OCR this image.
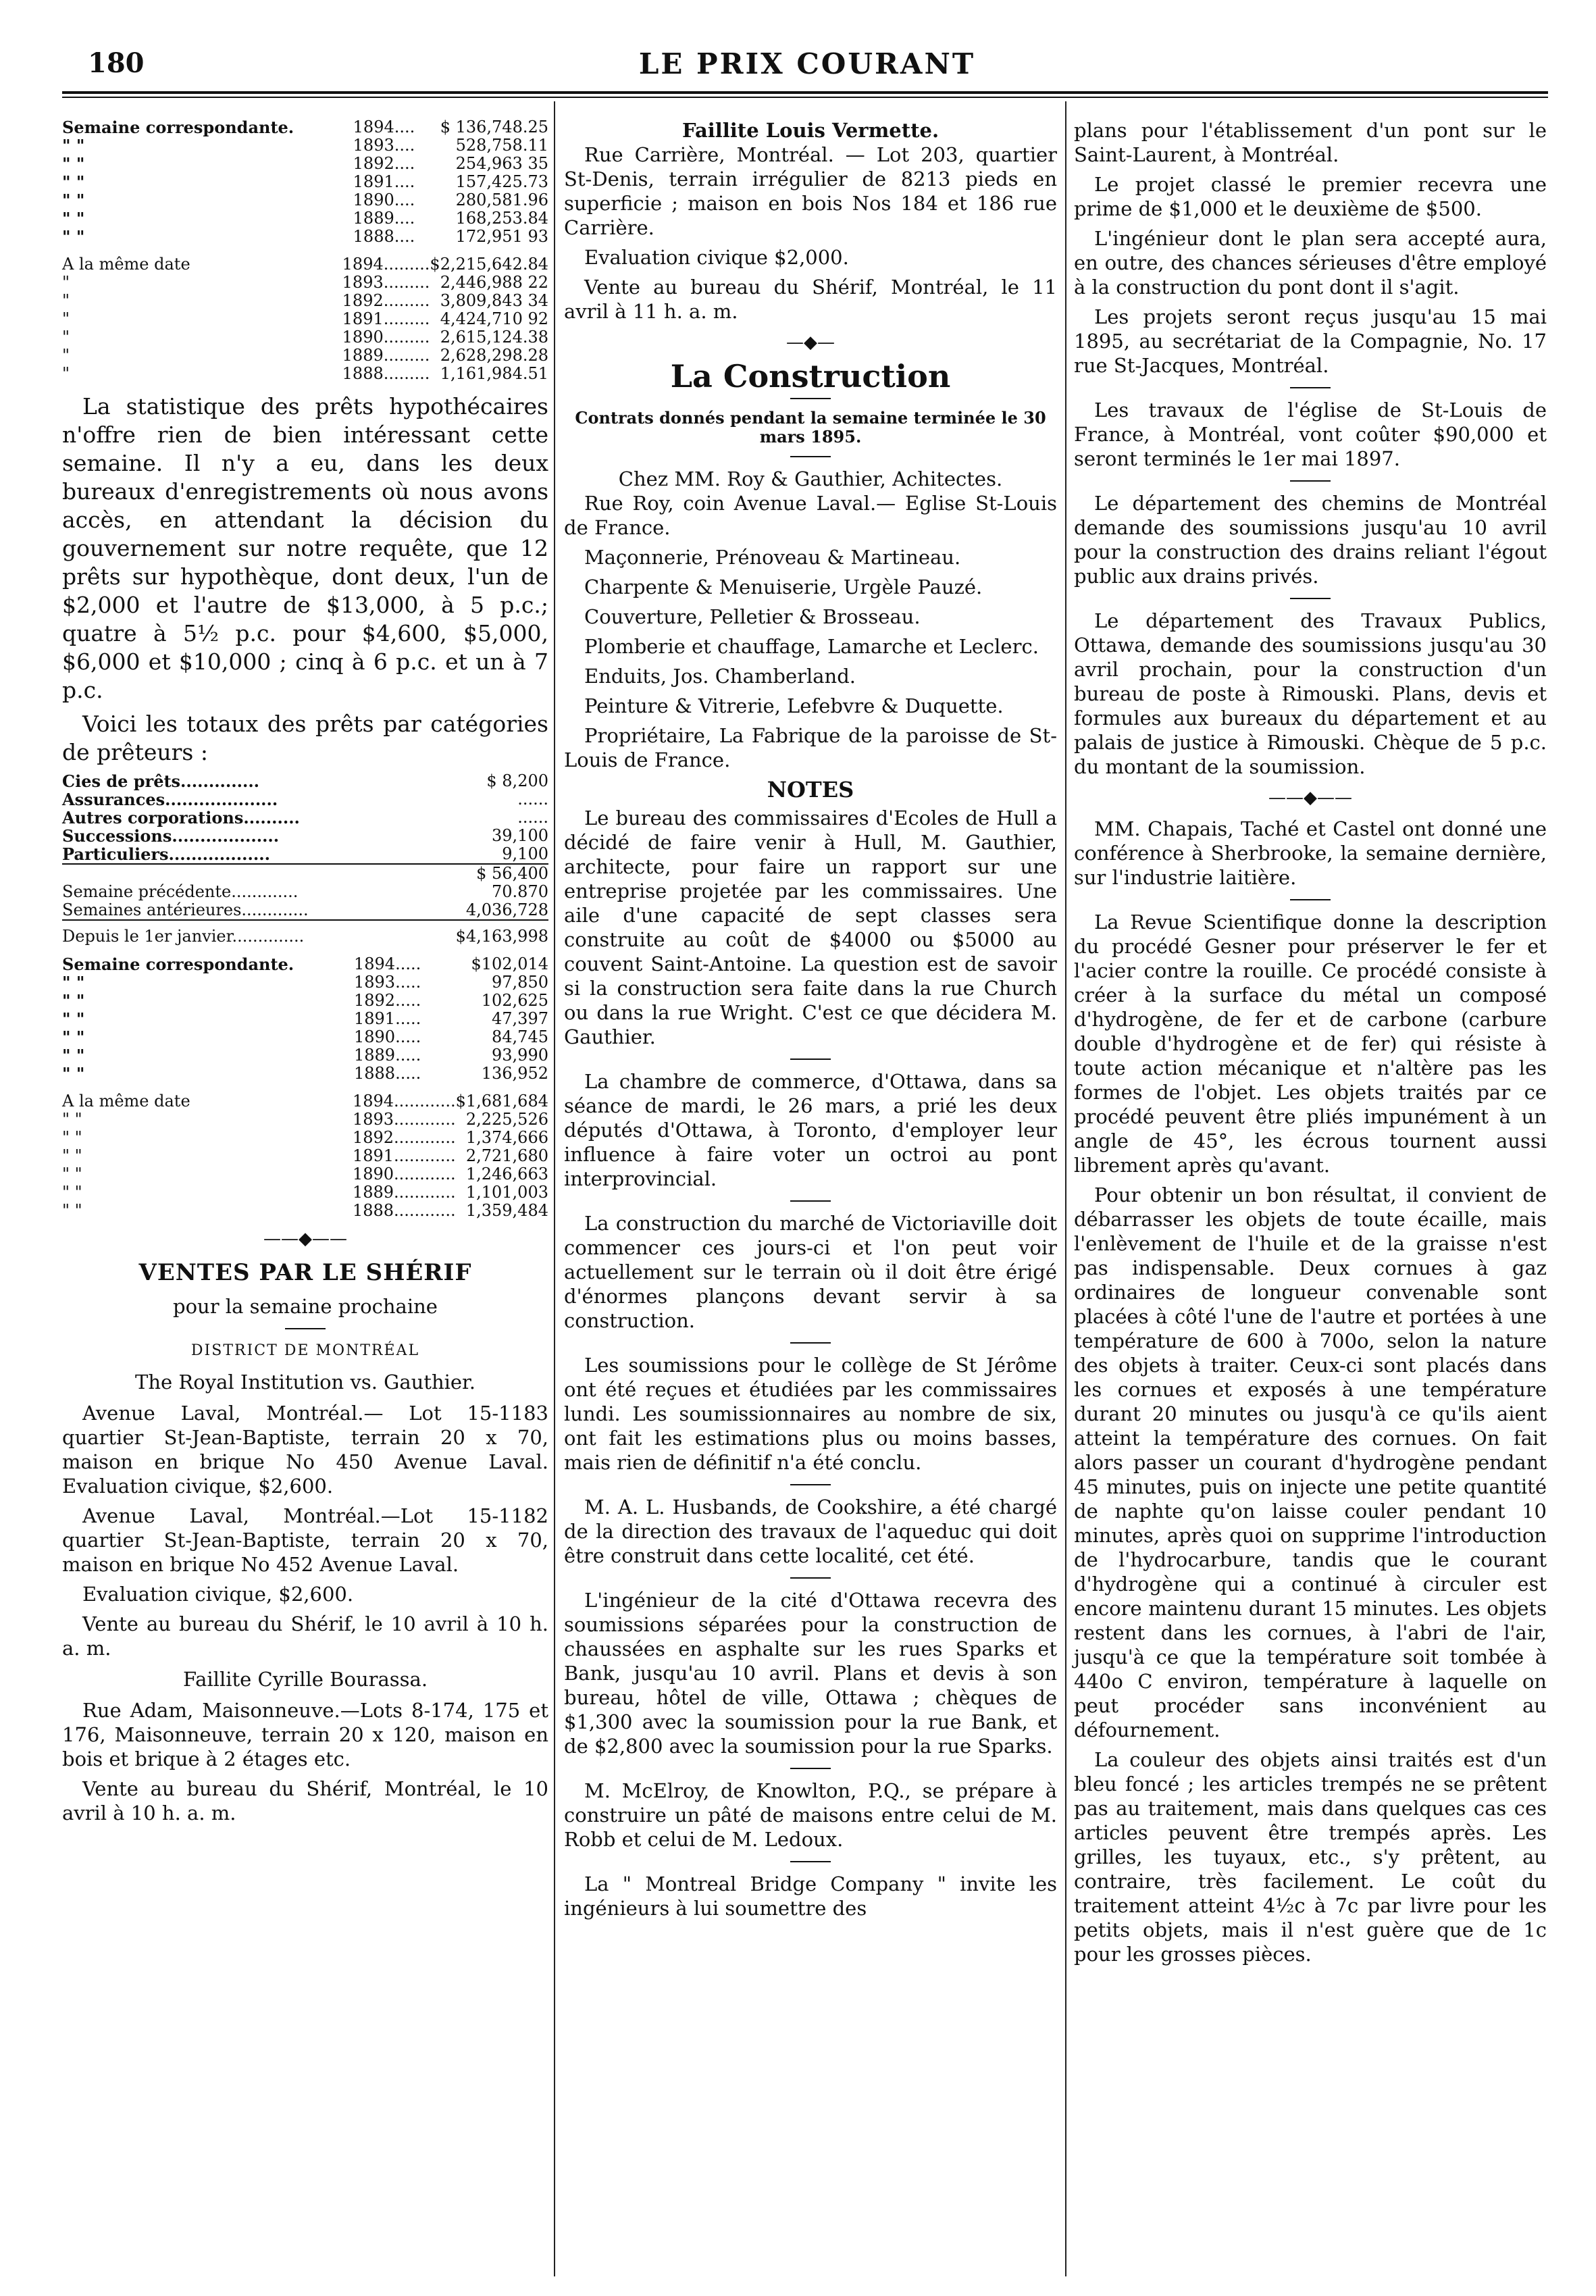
180	LE PRIX COURANT
Semaine correspondante.	1894....	$ 136,748.25
" "	1893....	528,758.11
" "	1892....	254,963 35
" "	1891....	157,425.73
" "	1890....	280,581.96
" "	1889....	168,253.84
" "	1888....	172,951 93
A la même date	1894.........	$2,215,642.84
"	1893.........	2,446,988 22
"	1892.........	3,809,843 34
"	1891.........	4,424,710 92
"	1890.........	2,615,124.38
"	1889.........	2,628,298.28
"	1888.........	1,161,984.51

La statistique des prêts hypothécaires n'offre rien de bien intéressant cette semaine. Il n'y a eu, dans les deux bureaux d'enregistrements où nous avons accès, en attendant la décision du gouvernement sur notre requête, que 12 prêts sur hypothèque, dont deux, l'un de $2,000 et l'autre de $13,000, à 5 p.c.; quatre à 5½ p.c. pour $4,600, $5,000, $6,000 et $10,000 ; cinq à 6 p.c. et un à 7 p.c.

Voici les totaux des prêts par catégories de prêteurs :

Cies de prêts..............	$ 8,200
Assurances....................	......
Autres corporations..........	......
Successions...................	39,100
Particuliers..................	9,100
	$ 56,400
Semaine précédente.............	70.870
Semaines antérieures.............	4,036,728
Depuis le 1er janvier..............	$4,163,998
Semaine correspondante.	1894.....	$102,014
" "	1893.....	97,850
" "	1892.....	102,625
" "	1891.....	47,397
" "	1890.....	84,745
" "	1889.....	93,990
" "	1888.....	136,952
A la même date	1894............	$1,681,684
" "	1893............	2,225,526
" "	1892............	1,374,666
" "	1891............	2,721,680
" "	1890............	1,246,663
" "	1889............	1,101,003
" "	1888............	1,359,484
——◆——
VENTES PAR LE SHÉRIF
pour la semaine prochaine
DISTRICT DE MONTRÉAL
The Royal Institution vs. Gauthier.

Avenue Laval, Montréal.— Lot 15-1183 quartier St-Jean-Baptiste, terrain 20 x 70, maison en brique No 450 Avenue Laval. Evaluation civique, $2,600.

Avenue Laval, Montréal.—Lot 15-1182 quartier St-Jean-Baptiste, terrain 20 x 70, maison en brique No 452 Avenue Laval.

Evaluation civique, $2,600.

Vente au bureau du Shérif, le 10 avril à 10 h. a. m.

Faillite Cyrille Bourassa.

Rue Adam, Maisonneuve.—Lots 8-174, 175 et 176, Maisonneuve, terrain 20 x 120, maison en bois et brique à 2 étages etc.

Vente au bureau du Shérif, Montréal, le 10 avril à 10 h. a. m.

Faillite Louis Vermette.

Rue Carrière, Montréal. — Lot 203, quartier St-Denis, terrain irrégulier de 8213 pieds en superficie ; maison en bois Nos 184 et 186 rue Carrière.

Evaluation civique $2,000.

Vente au bureau du Shérif, Montréal, le 11 avril à 11 h. a. m.

—◆—
La Construction
Contrats donnés pendant la semaine terminée le 30 mars 1895.
Chez MM. Roy & Gauthier, Achitectes.

Rue Roy, coin Avenue Laval.— Eglise St-Louis de France.

Maçonnerie, Prénoveau & Martineau.

Charpente & Menuiserie, Urgèle Pauzé.

Couverture, Pelletier & Brosseau.

Plomberie et chauffage, Lamarche et Leclerc.

Enduits, Jos. Chamberland.

Peinture & Vitrerie, Lefebvre & Duquette.

Propriétaire, La Fabrique de la paroisse de St-Louis de France.

NOTES

Le bureau des commissaires d'Ecoles de Hull a décidé de faire venir à Hull, M. Gauthier, architecte, pour faire un rapport sur une entreprise projetée par les commissaires. Une aile d'une capacité de sept classes sera construite au coût de $4000 ou $5000 au couvent Saint-Antoine. La question est de savoir si la construction sera faite dans la rue Church ou dans la rue Wright. C'est ce que décidera M. Gauthier.

La chambre de commerce, d'Ottawa, dans sa séance de mardi, le 26 mars, a prié les deux députés d'Ottawa, à Toronto, d'employer leur influence à faire voter un octroi au pont interprovincial.

La construction du marché de Victoriaville doit commencer ces jours-ci et l'on peut voir actuellement sur le terrain où il doit être érigé d'énormes plançons devant servir à sa construction.

Les soumissions pour le collège de St Jérôme ont été reçues et étudiées par les commissaires lundi. Les soumissionnaires au nombre de six, ont fait les estimations plus ou moins basses, mais rien de définitif n'a été conclu.

M. A. L. Husbands, de Cookshire, a été chargé de la direction des travaux de l'aqueduc qui doit être construit dans cette localité, cet été.

L'ingénieur de la cité d'Ottawa recevra des soumissions séparées pour la construction de chaussées en asphalte sur les rues Sparks et Bank, jusqu'au 10 avril. Plans et devis à son bureau, hôtel de ville, Ottawa ; chèques de $1,300 avec la soumission pour la rue Bank, et de $2,800 avec la soumission pour la rue Sparks.

M. McElroy, de Knowlton, P.Q., se prépare à construire un pâté de maisons entre celui de M. Robb et celui de M. Ledoux.

La " Montreal Bridge Company " invite les ingénieurs à lui soumettre des

plans pour l'établissement d'un pont sur le Saint-Laurent, à Montréal.

Le projet classé le premier recevra une prime de $1,000 et le deuxième de $500.

L'ingénieur dont le plan sera accepté aura, en outre, des chances sérieuses d'être employé à la construction du pont dont il s'agit.

Les projets seront reçus jusqu'au 15 mai 1895, au secrétariat de la Compagnie, No. 17 rue St-Jacques, Montréal.

Les travaux de l'église de St-Louis de France, à Montréal, vont coûter $90,000 et seront terminés le 1er mai 1897.

Le département des chemins de Montréal demande des soumissions jusqu'au 10 avril pour la construction des drains reliant l'égout public aux drains privés.

Le département des Travaux Publics, Ottawa, demande des soumissions jusqu'au 30 avril prochain, pour la construction d'un bureau de poste à Rimouski. Plans, devis et formules aux bureaux du département et au palais de justice à Rimouski. Chèque de 5 p.c. du montant de la soumission.

——◆——

MM. Chapais, Taché et Castel ont donné une conférence à Sherbrooke, la semaine dernière, sur l'industrie laitière.

La Revue Scientifique donne la description du procédé Gesner pour préserver le fer et l'acier contre la rouille. Ce procédé consiste à créer à la surface du métal un composé d'hydrogène, de fer et de carbone (carbure double d'hydrogène et de fer) qui résiste à toute action mécanique et n'altère pas les formes de l'objet. Les objets traités par ce procédé peuvent être pliés impunément à un angle de 45°, les écrous tournent aussi librement après qu'avant.

Pour obtenir un bon résultat, il convient de débarrasser les objets de toute écaille, mais l'enlèvement de l'huile et de la graisse n'est pas indispensable. Deux cornues à gaz ordinaires de longueur convenable sont placées à côté l'une de l'autre et portées à une température de 600 à 700o, selon la nature des objets à traiter. Ceux-ci sont placés dans les cornues et exposés à une température durant 20 minutes ou jusqu'à ce qu'ils aient atteint la température des cornues. On fait alors passer un courant d'hydrogène pendant 45 minutes, puis on injecte une petite quantité de naphte qu'on laisse couler pendant 10 minutes, après quoi on supprime l'introduction de l'hydrocarbure, tandis que le courant d'hydrogène qui a continué à circuler est encore maintenu durant 15 minutes. Les objets restent dans les cornues, à l'abri de l'air, jusqu'à ce que la température soit tombée à 440o C environ, température à laquelle on peut procéder sans inconvénient au défournement.

La couleur des objets ainsi traités est d'un bleu foncé ; les articles trempés ne se prêtent pas au traitement, mais dans quelques cas ces articles peuvent être trempés après. Les grilles, les tuyaux, etc., s'y prêtent, au contraire, très facilement. Le coût du traitement atteint 4½c à 7c par livre pour les petits objets, mais il n'est guère que de 1c pour les grosses pièces.
